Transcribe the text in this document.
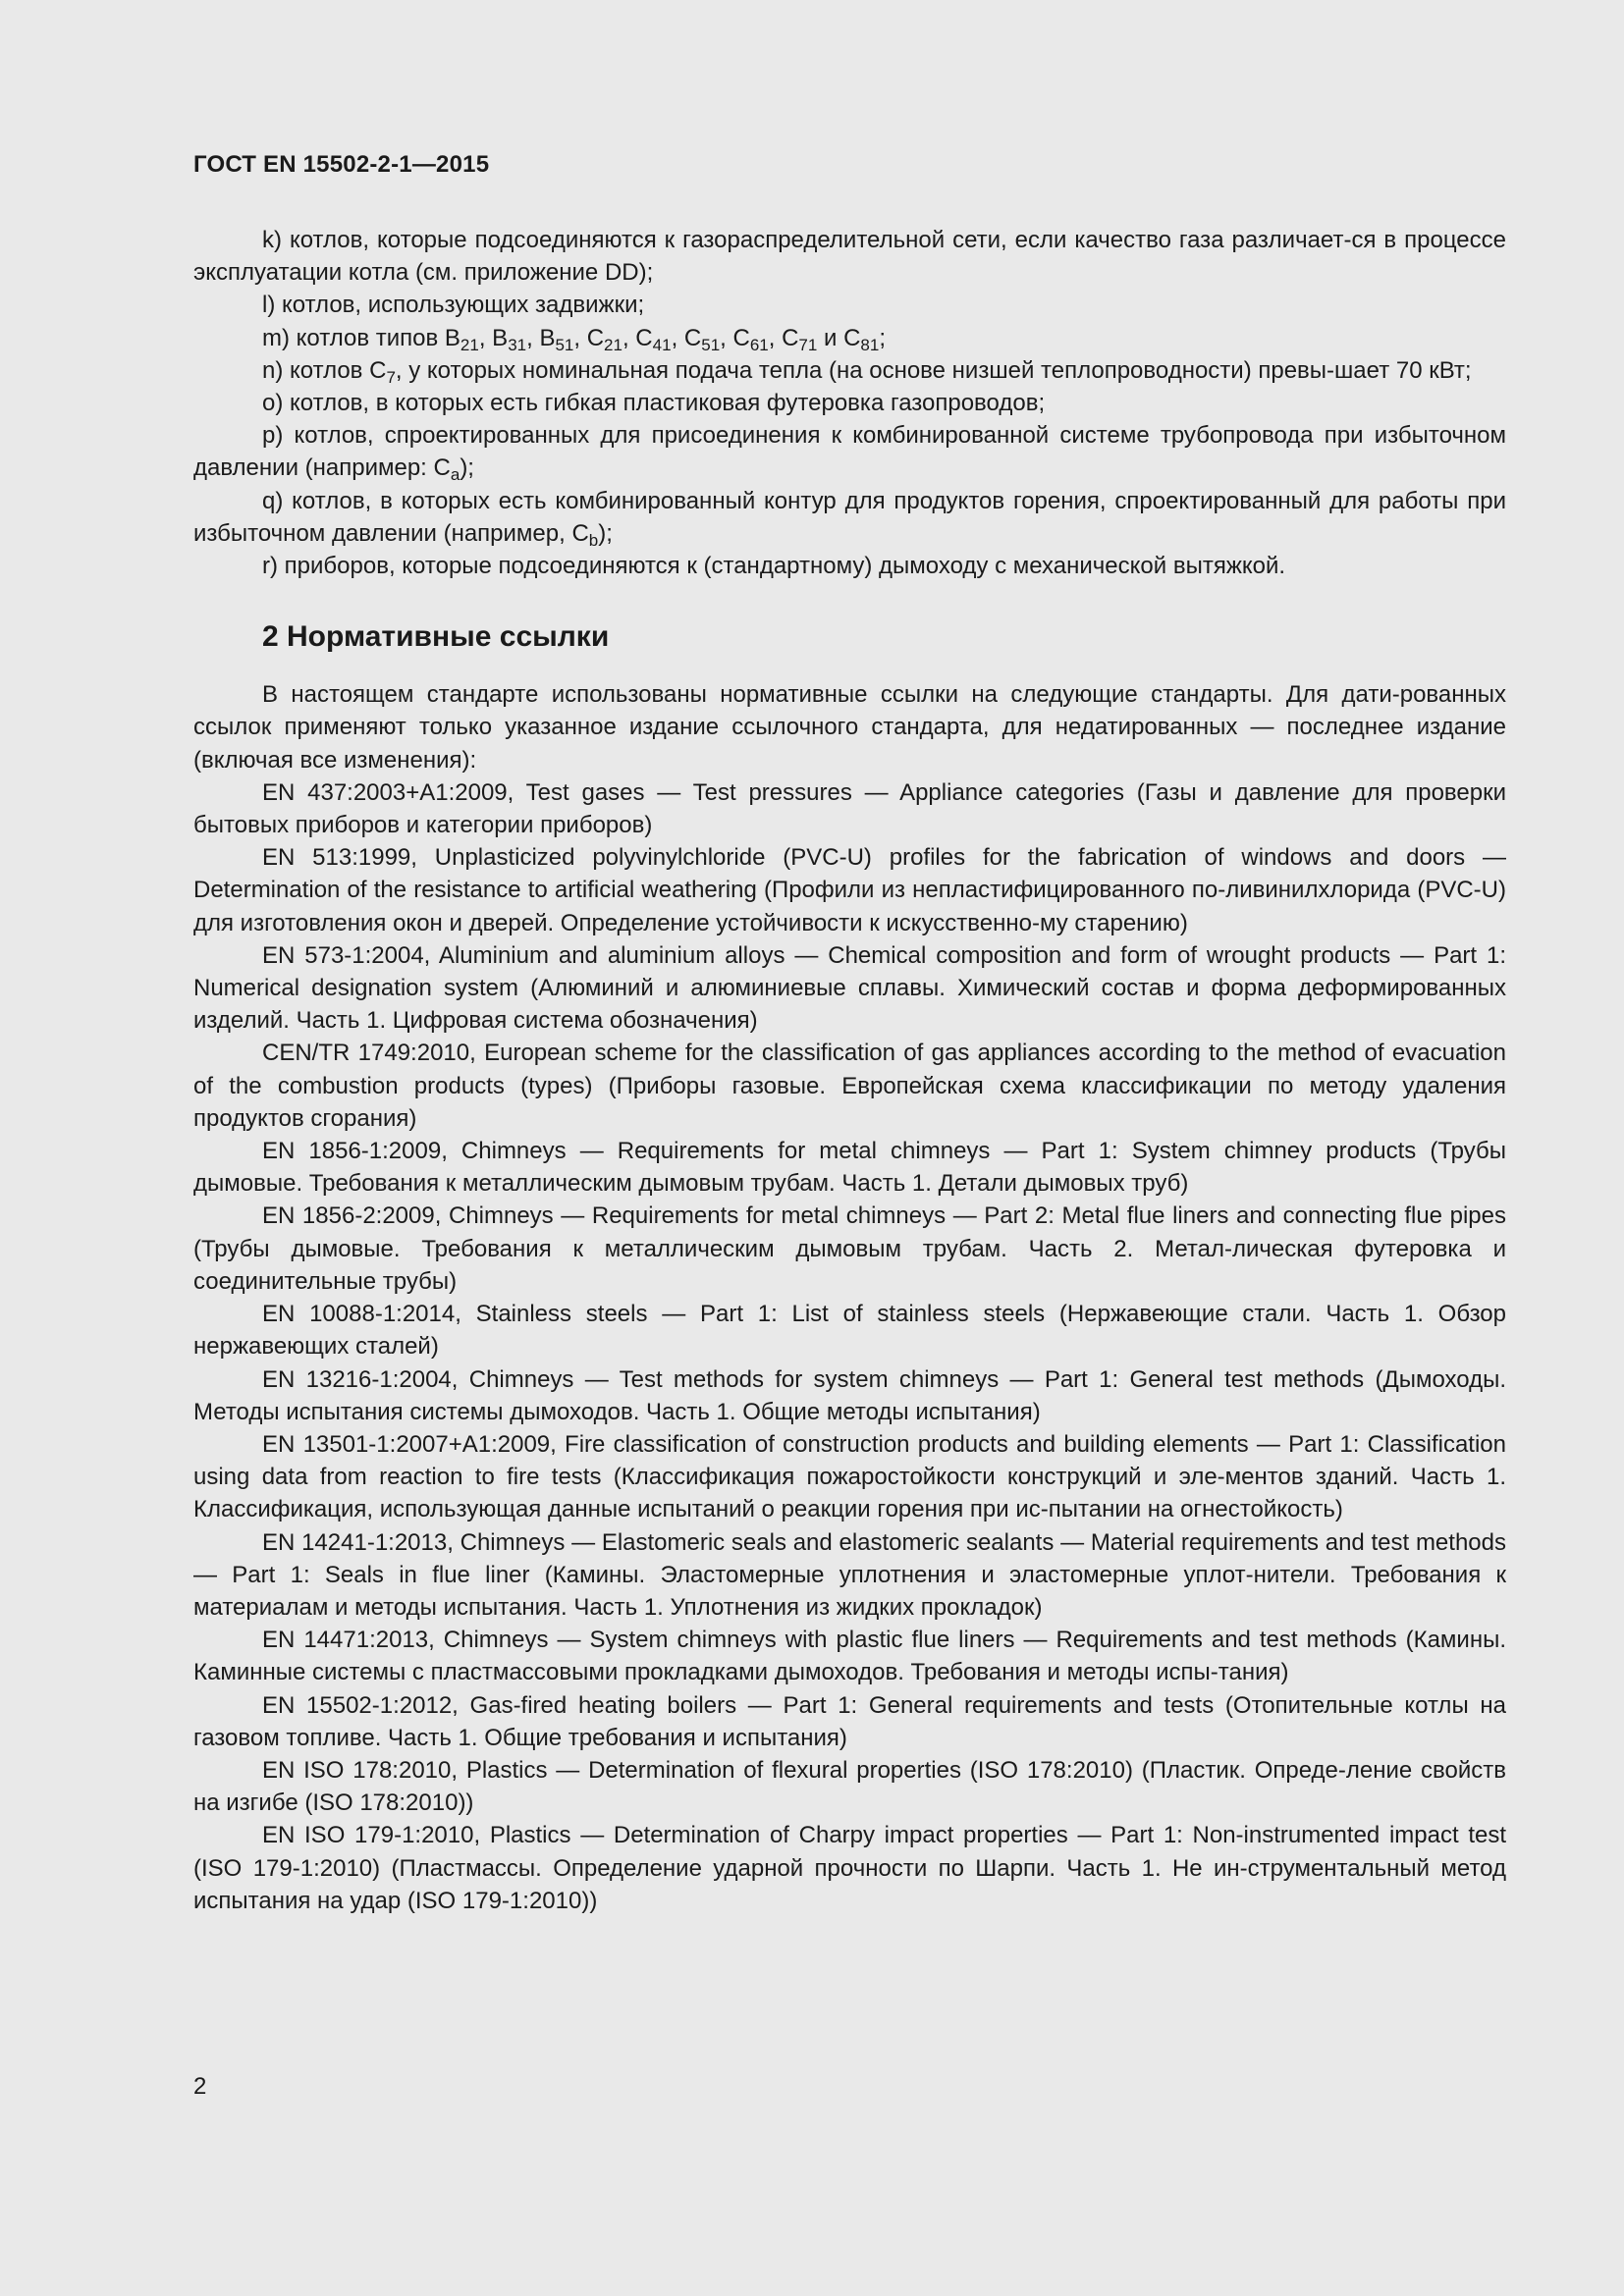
ГОСТ EN 15502-2-1—2015

k) котлов, которые подсоединяются к газораспределительной сети, если качество газа различает-ся в процессе эксплуатации котла (см. приложение DD);

l) котлов, использующих задвижки;

m) котлов типов $B_{21}$, $B_{31}$, $B_{51}$, $C_{21}$, $C_{41}$, $C_{51}$, $C_{61}$, $C_{71}$ и $C_{81}$;

n) котлов $C_7$, у которых номинальная подача тепла (на основе низшей теплопроводности) превы-шает 70 кВт;

o) котлов, в которых есть гибкая пластиковая футеровка газопроводов;

p) котлов, спроектированных для присоединения к комбинированной системе трубопровода при избыточном давлении (например: $C_a$);

q) котлов, в которых есть комбинированный контур для продуктов горения, спроектированный для работы при избыточном давлении (например, $C_b$);

r) приборов, которые подсоединяются к (стандартному) дымоходу с механической вытяжкой.

2 Нормативные ссылки

В настоящем стандарте использованы нормативные ссылки на следующие стандарты. Для дати-рованных ссылок применяют только указанное издание ссылочного стандарта, для недатированных — последнее издание (включая все изменения):

EN 437:2003+A1:2009, Test gases — Test pressures — Appliance categories (Газы и давление для проверки бытовых приборов и категории приборов)

EN 513:1999, Unplasticized polyvinylchloride (PVC-U) profiles for the fabrication of windows and doors — Determination of the resistance to artificial weathering (Профили из непластифицированного по-ливинилхлорида (PVC-U) для изготовления окон и дверей. Определение устойчивости к искусственно-му старению)

EN 573-1:2004, Aluminium and aluminium alloys — Chemical composition and form of wrought products — Part 1: Numerical designation system (Алюминий и алюминиевые сплавы. Химический состав и форма деформированных изделий. Часть 1. Цифровая система обозначения)

CEN/TR 1749:2010, European scheme for the classification of gas appliances according to the method of evacuation of the combustion products (types) (Приборы газовые. Европейская схема классификации по методу удаления продуктов сгорания)

EN 1856-1:2009, Chimneys — Requirements for metal chimneys — Part 1: System chimney products (Трубы дымовые. Требования к металлическим дымовым трубам. Часть 1. Детали дымовых труб)

EN 1856-2:2009, Chimneys — Requirements for metal chimneys — Part 2: Metal flue liners and connecting flue pipes (Трубы дымовые. Требования к металлическим дымовым трубам. Часть 2. Метал-лическая футеровка и соединительные трубы)

EN 10088-1:2014, Stainless steels — Part 1: List of stainless steels (Нержавеющие стали. Часть 1. Обзор нержавеющих сталей)

EN 13216-1:2004, Chimneys — Test methods for system chimneys — Part 1: General test methods (Дымоходы. Методы испытания системы дымоходов. Часть 1. Общие методы испытания)

EN 13501-1:2007+A1:2009, Fire classification of construction products and building elements — Part 1: Classification using data from reaction to fire tests (Классификация пожаростойкости конструкций и эле-ментов зданий. Часть 1. Классификация, использующая данные испытаний о реакции горения при ис-пытании на огнестойкость)

EN 14241-1:2013, Chimneys — Elastomeric seals and elastomeric sealants — Material requirements and test methods — Part 1: Seals in flue liner (Камины. Эластомерные уплотнения и эластомерные уплот-нители. Требования к материалам и методы испытания. Часть 1. Уплотнения из жидких прокладок)

EN 14471:2013, Chimneys — System chimneys with plastic flue liners — Requirements and test methods (Камины. Каминные системы с пластмассовыми прокладками дымоходов. Требования и методы испы-тания)

EN 15502-1:2012, Gas-fired heating boilers — Part 1: General requirements and tests (Отопительные котлы на газовом топливе. Часть 1. Общие требования и испытания)

EN ISO 178:2010, Plastics — Determination of flexural properties (ISO 178:2010) (Пластик. Опреде-ление свойств на изгибе (ISO 178:2010))

EN ISO 179-1:2010, Plastics — Determination of Charpy impact properties — Part 1: Non-instrumented impact test (ISO 179-1:2010) (Пластмассы. Определение ударной прочности по Шарпи. Часть 1. Не ин-струментальный метод испытания на удар (ISO 179-1:2010))

2
